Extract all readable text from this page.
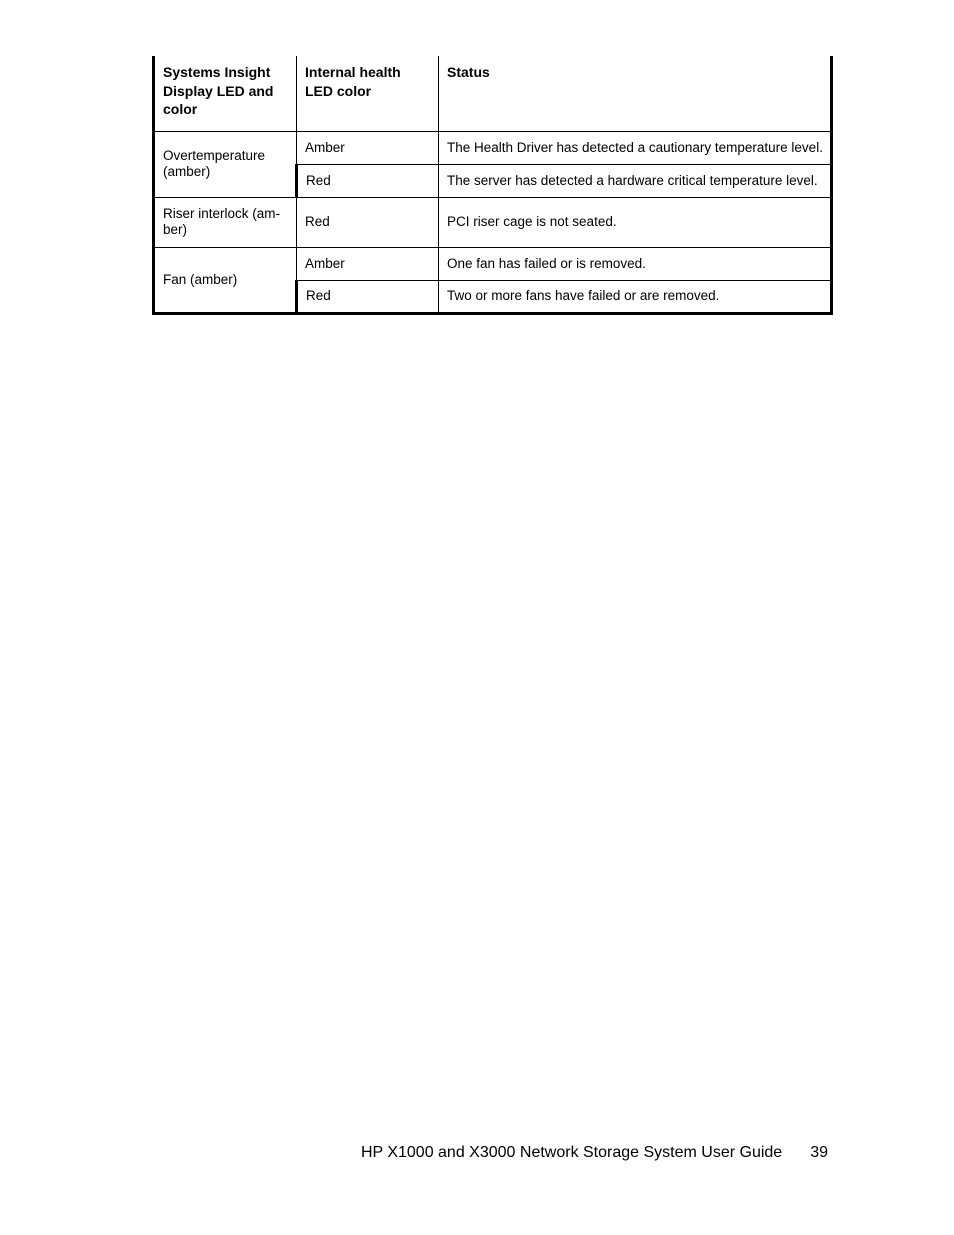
Systems Insight Display LED and color	Internal health LED color	Status
Overtemperature (amber)	Amber	The Health Driver has detected a cautionary temperature level.
	Red	The server has detected a hardware critical temperature level.
Riser interlock (am-ber)	Red	PCI riser cage is not seated.
Fan (amber)	Amber	One fan has failed or is removed.
	Red	Two or more fans have failed or are removed.
HP X1000 and X3000 Network Storage System User Guide 39
